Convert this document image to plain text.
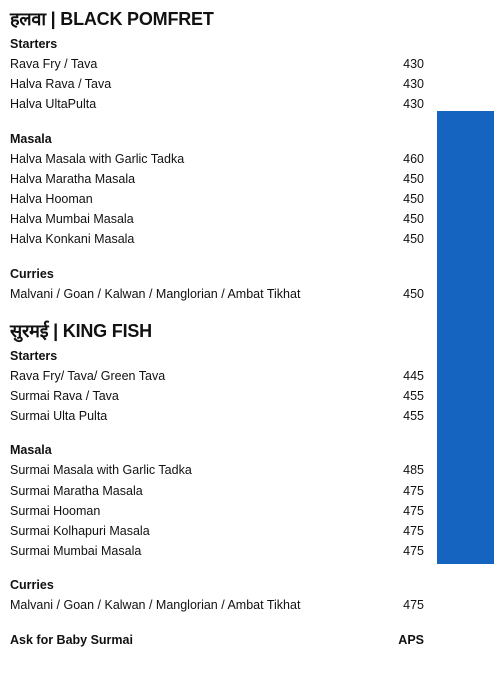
हलवा | BLACK POMFRET
Starters
Rava Fry / Tava	430
Halva Rava / Tava	430
Halva UltaPulta	430
Masala
Halva Masala with Garlic Tadka	460
Halva Maratha Masala	450
Halva Hooman	450
Halva Mumbai Masala	450
Halva Konkani Masala	450
Curries
Malvani / Goan / Kalwan / Manglorian / Ambat Tikhat	450
सुरमई | KING FISH
Starters
Rava Fry/ Tava/ Green Tava	445
Surmai Rava / Tava	455
Surmai Ulta Pulta	455
Masala
Surmai Masala with Garlic Tadka	485
Surmai Maratha Masala	475
Surmai Hooman	475
Surmai Kolhapuri Masala	475
Surmai Mumbai Masala	475
Curries
Malvani / Goan / Kalwan / Manglorian / Ambat Tikhat	475
Ask for Baby Surmai	APS
